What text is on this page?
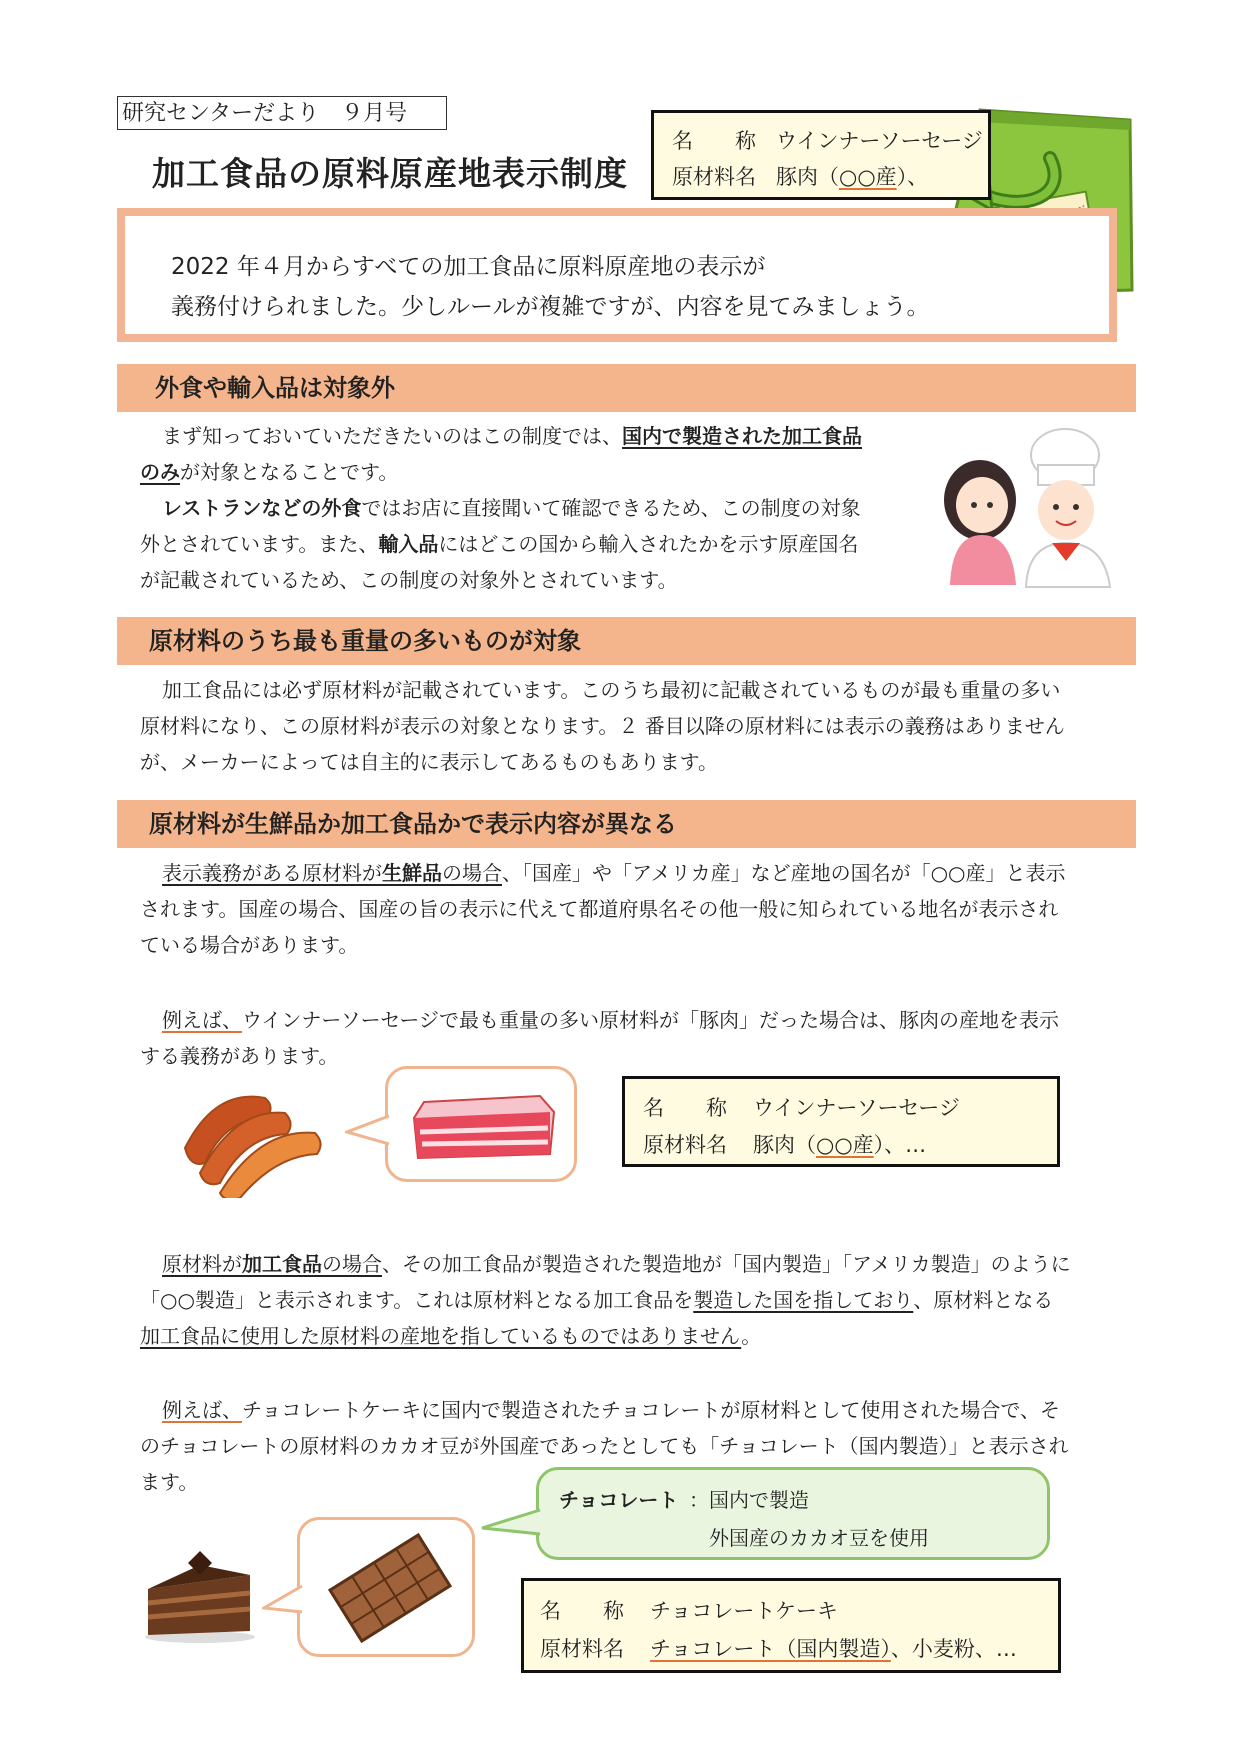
研究センターだより　９月号
加工食品の原料原産地表示制度
名　　称 ウインナーソーセージ
原材料名 豚肉（○○産）、
2022 年４月からすべての加工食品に原料原産地の表示が
義務付けられました。少しルールが複雑ですが、内容を見てみましょう。
外食や輸入品は対象外
まず知っておいていただきたいのはこの制度では、国内で製造された加工食品
のみが対象となることです。
レストランなどの外食ではお店に直接聞いて確認できるため、この制度の対象
外とされています。また、輸入品にはどこの国から輸入されたかを示す原産国名
が記載されているため、この制度の対象外とされています。
原材料のうち最も重量の多いものが対象
加工食品には必ず原材料が記載されています。このうち最初に記載されているものが最も重量の多い
原材料になり、この原材料が表示の対象となります。２ 番目以降の原材料には表示の義務はありません
が、メーカーによっては自主的に表示してあるものもあります。
原材料が生鮮品か加工食品かで表示内容が異なる
表示義務がある原材料が生鮮品の場合、「国産」や「アメリカ産」など産地の国名が「○○産」と表示
されます。国産の場合、国産の旨の表示に代えて都道府県名その他一般に知られている地名が表示され
ている場合があります。
例えば、ウインナーソーセージで最も重量の多い原材料が「豚肉」だった場合は、豚肉の産地を表示
する義務があります。
名　　称 ウインナーソーセージ
原材料名 豚肉（○○産）、…
原材料が加工食品の場合、その加工食品が製造された製造地が「国内製造」「アメリカ製造」のように
「○○製造」と表示されます。これは原材料となる加工食品を製造した国を指しており、原材料となる
加工食品に使用した原材料の産地を指しているものではありません。
例えば、チョコレートケーキに国内で製造されたチョコレートが原材料として使用された場合で、そ
のチョコレートの原材料のカカオ豆が外国産であったとしても「チョコレート（国内製造）」と表示され
ます。
チョコレート ： 国内で製造
外国産のカカオ豆を使用
名　　称 チョコレートケーキ
原材料名 チョコレート（国内製造）、小麦粉、…
